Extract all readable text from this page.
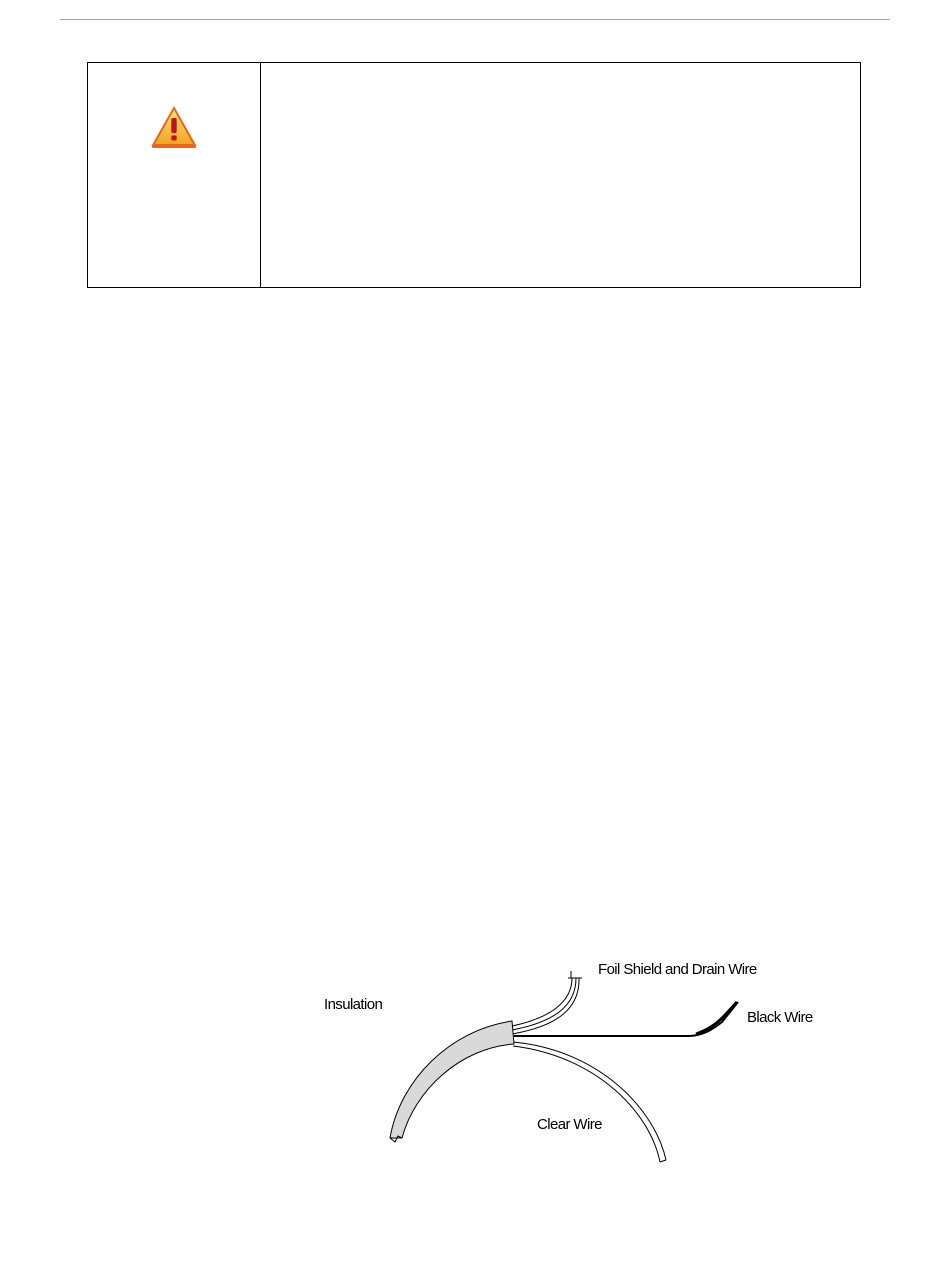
Foil Shield and Drain Wire
Insulation
Black Wire
Clear Wire
